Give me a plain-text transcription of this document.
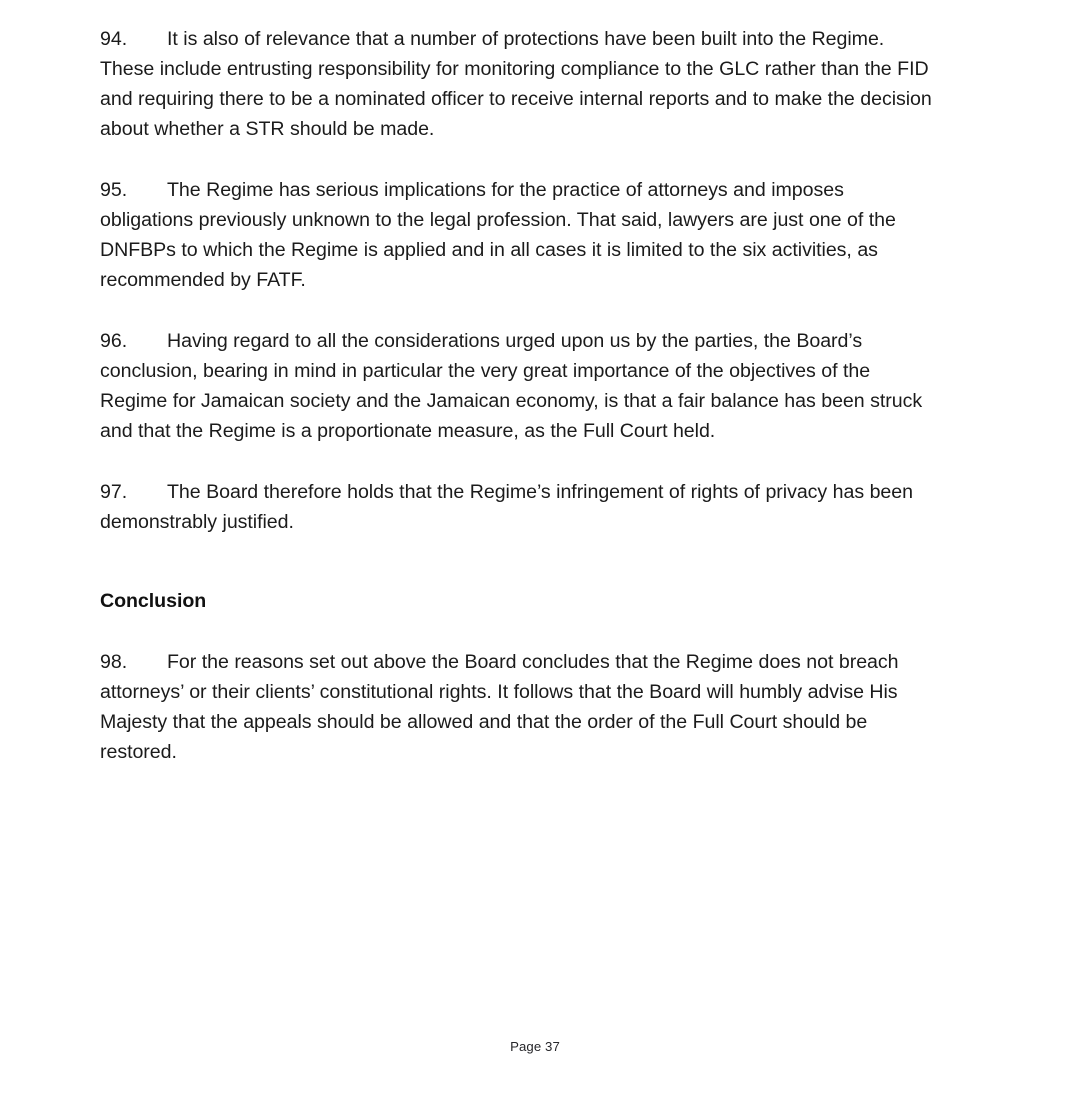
94. It is also of relevance that a number of protections have been built into the Regime. These include entrusting responsibility for monitoring compliance to the GLC rather than the FID and requiring there to be a nominated officer to receive internal reports and to make the decision about whether a STR should be made.

95. The Regime has serious implications for the practice of attorneys and imposes obligations previously unknown to the legal profession. That said, lawyers are just one of the DNFBPs to which the Regime is applied and in all cases it is limited to the six activities, as recommended by FATF.

96. Having regard to all the considerations urged upon us by the parties, the Board’s conclusion, bearing in mind in particular the very great importance of the objectives of the Regime for Jamaican society and the Jamaican economy, is that a fair balance has been struck and that the Regime is a proportionate measure, as the Full Court held.

97. The Board therefore holds that the Regime’s infringement of rights of privacy has been demonstrably justified.

Conclusion

98. For the reasons set out above the Board concludes that the Regime does not breach attorneys’ or their clients’ constitutional rights. It follows that the Board will humbly advise His Majesty that the appeals should be allowed and that the order of the Full Court should be restored.

Page 37
